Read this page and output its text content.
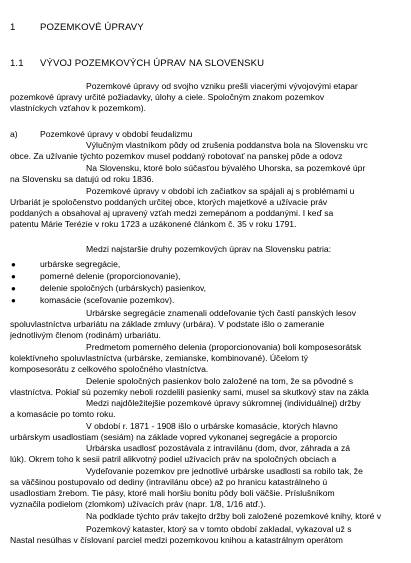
1	POZEMKOVÉ ÚPRAVY
1.1 VÝVOJ POZEMKOVÝCH ÚPRAV NA SLOVENSKU
Pozemkové úpravy od svojho vzniku prešli viacerými vývojovými etapar
pozemkové úpravy určité požiadavky, úlohy a ciele. Spoločným znakom pozemkov
vlastníckych vzťahov k pozemkom).
a)	Pozemkové úpravy v období feudalizmu
Výlučným vlastníkom pôdy od zrušenia poddanstva bola na Slovensku vrc
obce. Za užívanie týchto pozemkov musel poddaný robotovať na panskej pôde a odovz
Na Slovensku, ktoré bolo súčasťou bývalého Uhorska, sa pozemkové úpr
na Slovensku sa datujú od roku 1836.
Pozemkové úpravy v období ich začiatkov sa spájali aj s problémami u
Urbariát je spoločenstvo poddaných určitej obce, ktorých majetkové a užívacie práv
poddaných a obsahoval aj upravený vzťah medzi zemepánom a poddanými. I keď sa
patentu Márie Terézie v roku 1723 a uzákonené článkom č. 35 v roku 1791.
Medzi najstaršie druhy pozemkových úprav na Slovensku patria:
●	urbárske segregácie,
●	pomerné delenie (proporcionovanie),
●	delenie spoločných (urbárskych) pasienkov,
●	komasácie (sceľovanie pozemkov).
Urbárske segregácie znamenali oddeľovanie tých častí panských lesov
spoluvlastníctva urbariátu na základe zmluvy (urbára). V podstate išlo o zameranie
jednotlivým členom (rodinám) urbariátu.
Predmetom pomerného delenia (proporcionovania) boli komposesorátsk
kolektívneho spoluvlastníctva (urbárske, zemianske, kombinované). Účelom tý
komposesorátu z celkového spoločného vlastníctva.
Delenie spoločných pasienkov bolo založené na tom, že sa pôvodné s
vlastníctva. Pokiaľ sú pozemky neboli rozdelili pasienky sami, musel sa skutkový stav na zákla
Medzi najdôležitejšie pozemkové úpravy súkromnej (individuálnej) držby
a komasácie po tomto roku.
V období r. 1871 - 1908 išlo o urbárske komasácie, ktorých hlavno
urbárskym usadlostiam (sesiám) na základe vopred vykonanej segregácie a proporcio
Urbárska usadlosť pozostávala z intravilánu (dom, dvor, záhrada a zá
lúk). Okrem toho k sesii patril alikvotný podiel užívacích práv na spoločných obciach a
Vydeľovanie pozemkov pre jednotlivé urbárske usadlosti sa robilo tak, že
sa väčšinou postupovalo od dediny (intravilánu obce) až po hranicu katastrálneho ú
usadlostiam žrebom. Tie pásy, ktoré mali horšiu bonitu pôdy boli väčšie. Príslušníkom
vyznačila podielom (zlomkom) užívacích práv (napr. 1/8, 1/16 atď.).
Na podklade týchto práv takejto držby boli založené pozemkové knihy, ktoré v
Pozemkový kataster, ktorý sa v tomto období zakladal, vykazoval už s
Nastal nesúlhas v číslovaní parciel medzi pozemkovou knihou a katastrálnym operátom
